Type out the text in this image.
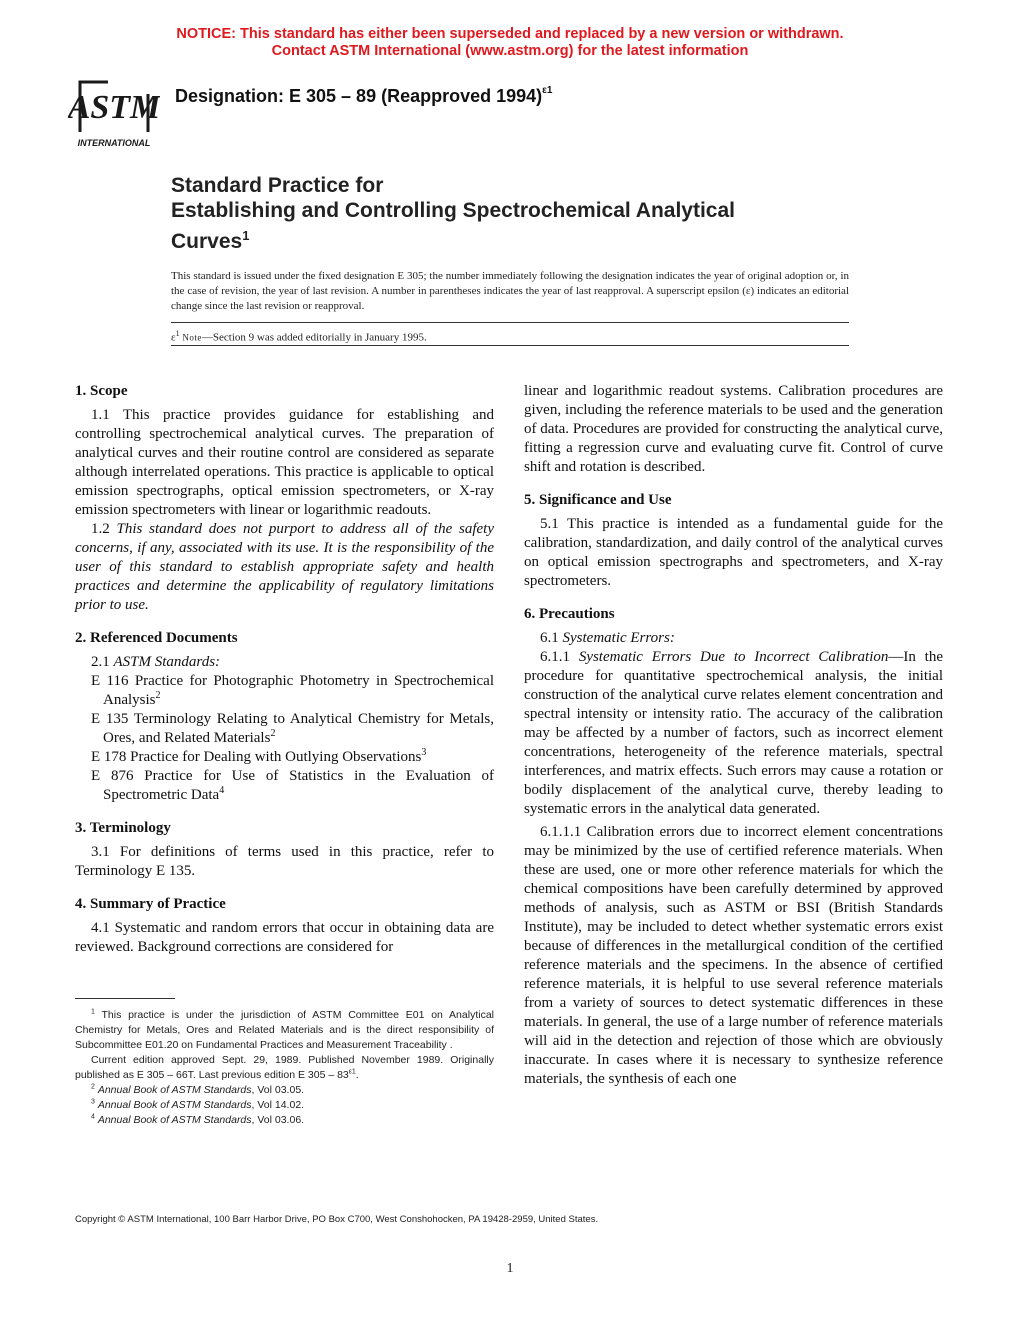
NOTICE: This standard has either been superseded and replaced by a new version or withdrawn.
Contact ASTM International (www.astm.org) for the latest information
ASTM
INTERNATIONAL
Designation: E 305 – 89 (Reapproved 1994)$^{\varepsilon 1}$
Standard Practice for
Establishing and Controlling Spectrochemical Analytical
Curves$^1$
This standard is issued under the fixed designation E 305; the number immediately following the designation indicates the year of original adoption or, in the case of revision, the year of last revision. A number in parentheses indicates the year of last reapproval. A superscript epsilon (ε) indicates an editorial change since the last revision or reapproval.
$\varepsilon^1$ Note—Section 9 was added editorially in January 1995.
1. Scope

1.1 This practice provides guidance for establishing and controlling spectrochemical analytical curves. The preparation of analytical curves and their routine control are considered as separate although interrelated operations. This practice is applicable to optical emission spectrographs, optical emission spectrometers, or X-ray emission spectrometers with linear or logarithmic readouts.

1.2 This standard does not purport to address all of the safety concerns, if any, associated with its use. It is the responsibility of the user of this standard to establish appropriate safety and health practices and determine the applicability of regulatory limitations prior to use.

2. Referenced Documents

2.1 ASTM Standards:

E 116 Practice for Photographic Photometry in Spectrochemical Analysis$^2$

E 135 Terminology Relating to Analytical Chemistry for Metals, Ores, and Related Materials$^2$

E 178 Practice for Dealing with Outlying Observations$^3$

E 876 Practice for Use of Statistics in the Evaluation of Spectrometric Data$^4$

3. Terminology

3.1 For definitions of terms used in this practice, refer to Terminology E 135.

4. Summary of Practice

4.1 Systematic and random errors that occur in obtaining data are reviewed. Background corrections are considered for

$^1$ This practice is under the jurisdiction of ASTM Committee E01 on Analytical Chemistry for Metals, Ores and Related Materials and is the direct responsibility of Subcommittee E01.20 on Fundamental Practices and Measurement Traceability .

Current edition approved Sept. 29, 1989. Published November 1989. Originally published as E 305 – 66T. Last previous edition E $305 - 83^{\varepsilon 1}$.

$^2$ Annual Book of ASTM Standards, Vol 03.05.

$^3$ Annual Book of ASTM Standards, Vol 14.02.

$^4$ Annual Book of ASTM Standards, Vol 03.06.

linear and logarithmic readout systems. Calibration procedures are given, including the reference materials to be used and the generation of data. Procedures are provided for constructing the analytical curve, fitting a regression curve and evaluating curve fit. Control of curve shift and rotation is described.

5. Significance and Use

5.1 This practice is intended as a fundamental guide for the calibration, standardization, and daily control of the analytical curves on optical emission spectrographs and spectrometers, and X-ray spectrometers.

6. Precautions

6.1 Systematic Errors:

6.1.1 Systematic Errors Due to Incorrect Calibration—In the procedure for quantitative spectrochemical analysis, the initial construction of the analytical curve relates element concentration and spectral intensity or intensity ratio. The accuracy of the calibration may be affected by a number of factors, such as incorrect element concentrations, heterogeneity of the reference materials, spectral interferences, and matrix effects. Such errors may cause a rotation or bodily displacement of the analytical curve, thereby leading to systematic errors in the analytical data generated.

6.1.1.1 Calibration errors due to incorrect element concentrations may be minimized by the use of certified reference materials. When these are used, one or more other reference materials for which the chemical compositions have been carefully determined by approved methods of analysis, such as ASTM or BSI (British Standards Institute), may be included to detect whether systematic errors exist because of differences in the metallurgical condition of the certified reference materials and the specimens. In the absence of certified reference materials, it is helpful to use several reference materials from a variety of sources to detect systematic differences in these materials. In general, the use of a large number of reference materials will aid in the detection and rejection of those which are obviously inaccurate. In cases where it is necessary to synthesize reference materials, the synthesis of each one

Copyright © ASTM International, 100 Barr Harbor Drive, PO Box C700, West Conshohocken, PA 19428-2959, United States.
1
